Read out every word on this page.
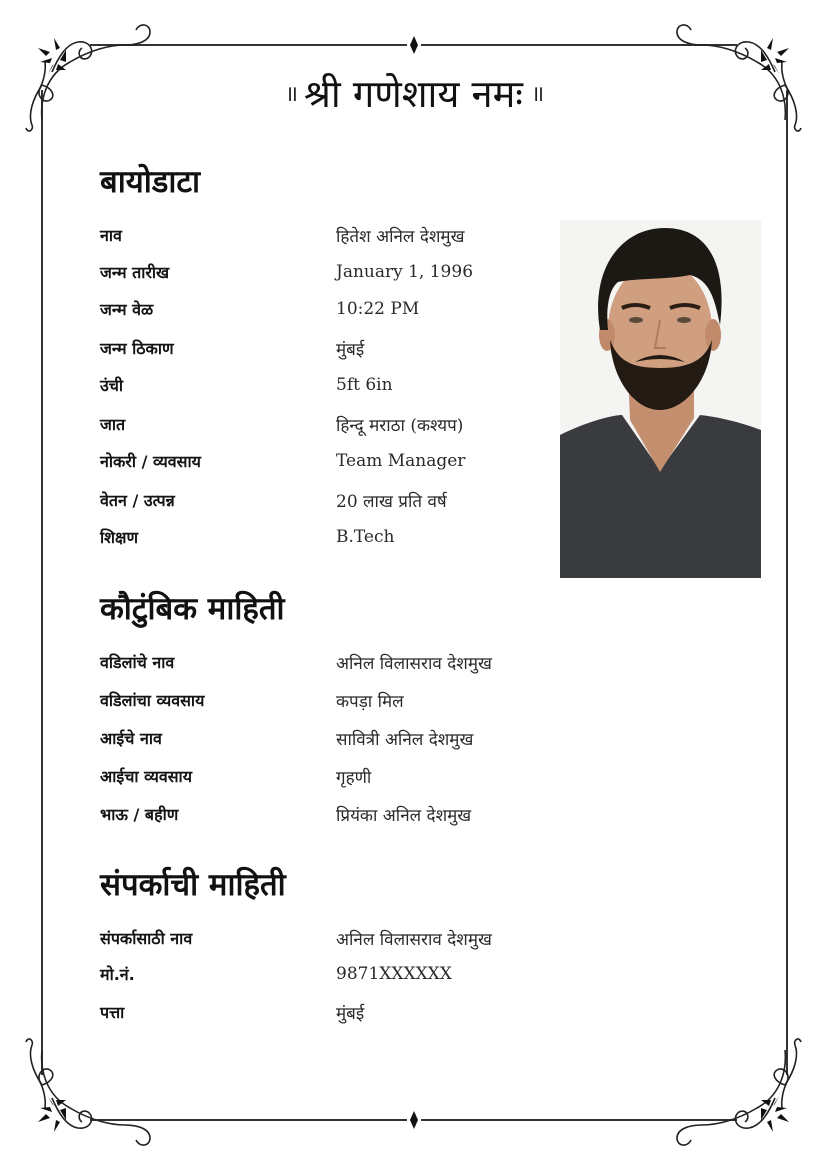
॥ श्री गणेशाय नमः ॥
बायोडाटा
नाव	हितेश अनिल देशमुख
जन्म तारीख	January 1, 1996
जन्म वेळ	10:22 PM
जन्म ठिकाण	मुंबई
उंची	5ft 6in
जात	हिन्दू मराठा (कश्यप)
नोकरी / व्यवसाय	Team Manager
वेतन / उत्पन्न	20 लाख प्रति वर्ष
शिक्षण	B.Tech
कौटुंबिक माहिती
वडिलांचे नाव	अनिल विलासराव देशमुख
वडिलांचा व्यवसाय	कपड़ा मिल
आईचे नाव	सावित्री अनिल देशमुख
आईचा व्यवसाय	गृहणी
भाऊ / बहीण	प्रियंका अनिल देशमुख
संपर्काची माहिती
संपर्कासाठी नाव	अनिल विलासराव देशमुख
मो.नं.	9871XXXXXX
पत्ता	मुंबई
